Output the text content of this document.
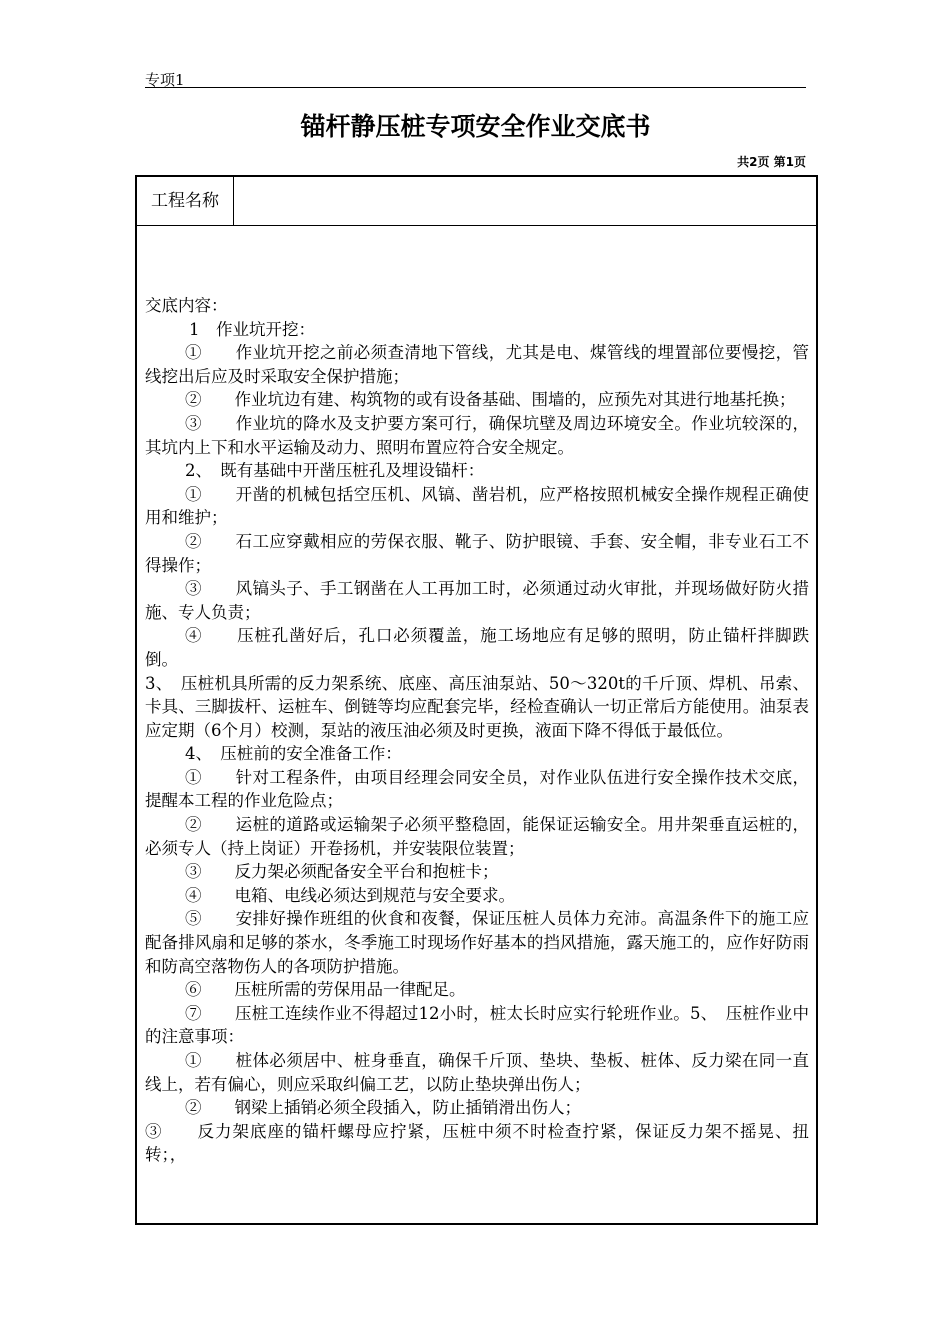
专项1
锚杆静压桩专项安全作业交底书
共2页 第1页
工程名称

交底内容：

1　作业坑开挖：

①　　作业坑开挖之前必须查清地下管线，尤其是电、煤管线的埋置部位要慢挖，管线挖出后应及时采取安全保护措施；

②　　作业坑边有建、构筑物的或有设备基础、围墙的，应预先对其进行地基托换；

③　　作业坑的降水及支护要方案可行，确保坑壁及周边环境安全。作业坑较深的，其坑内上下和水平运输及动力、照明布置应符合安全规定。

2、　既有基础中开凿压桩孔及埋设锚杆：

①　　开凿的机械包括空压机、风镐、凿岩机，应严格按照机械安全操作规程正确使用和维护；

②　　石工应穿戴相应的劳保衣服、靴子、防护眼镜、手套、安全帽，非专业石工不得操作；

③　　风镐头子、手工钢凿在人工再加工时，必须通过动火审批，并现场做好防火措施、专人负责；

④　　压桩孔凿好后，孔口必须覆盖，施工场地应有足够的照明，防止锚杆拌脚跌倒。

3、　压桩机具所需的反力架系统、底座、高压油泵站、50～320t的千斤顶、焊机、吊索、卡具、三脚拔杆、运桩车、倒链等均应配套完毕，经检查确认一切正常后方能使用。油泵表应定期（6个月）校测，泵站的液压油必须及时更换，液面下降不得低于最低位。

4、　压桩前的安全准备工作：

①　　针对工程条件，由项目经理会同安全员，对作业队伍进行安全操作技术交底，提醒本工程的作业危险点；

②　　运桩的道路或运输架子必须平整稳固，能保证运输安全。用井架垂直运桩的，必须专人（持上岗证）开卷扬机，并安装限位装置；

③　　反力架必须配备安全平台和抱桩卡；

④　　电箱、电线必须达到规范与安全要求。

⑤　　安排好操作班组的伙食和夜餐，保证压桩人员体力充沛。高温条件下的施工应配备排风扇和足够的茶水，冬季施工时现场作好基本的挡风措施，露天施工的，应作好防雨和防高空落物伤人的各项防护措施。

⑥　　压桩所需的劳保用品一律配足。

⑦　　压桩工连续作业不得超过12小时，桩太长时应实行轮班作业。5、　压桩作业中的注意事项：

①　　桩体必须居中、桩身垂直，确保千斤顶、垫块、垫板、桩体、反力梁在同一直线上，若有偏心，则应采取纠偏工艺，以防止垫块弹出伤人；

②　　钢梁上插销必须全段插入，防止插销滑出伤人；

③　　反力架底座的锚杆螺母应拧紧，压桩中须不时检查拧紧，保证反力架不摇晃、扭转；，
